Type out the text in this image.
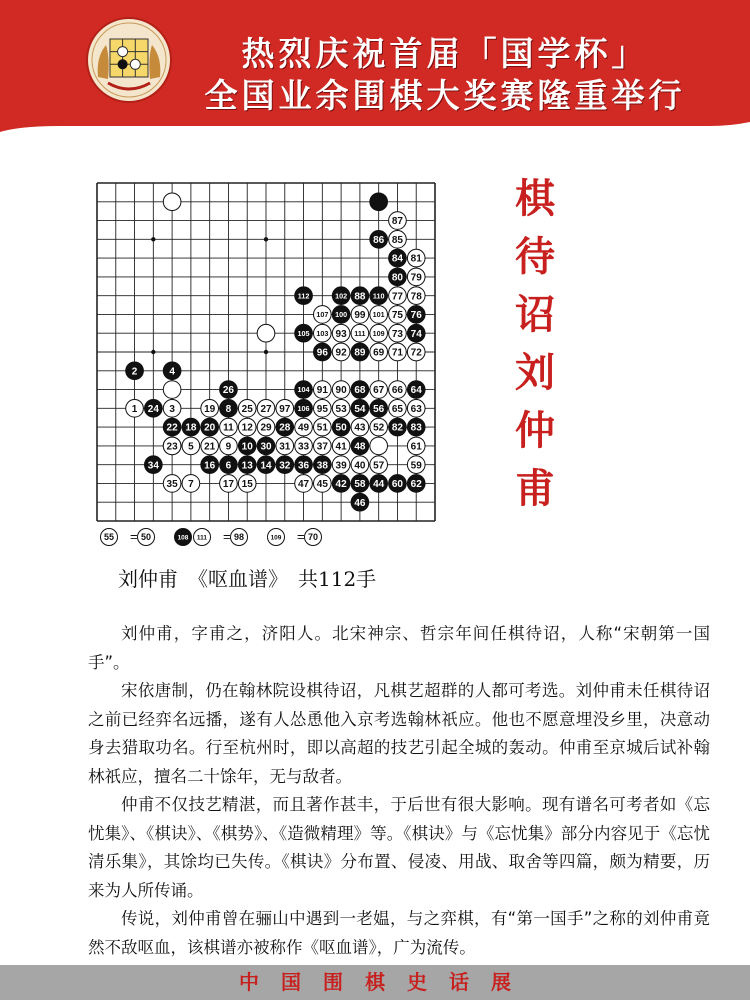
热烈庆祝首届「国学杯」
全国业余围棋大奖赛隆重举行
87
86 85
84 81
80 79
112	102 88 110 77 78
107 100 99 101 75 76
105 103 93 111 109 73 74
96 92 89 69 71 72
2	4
26	104 91 90 68 67 66 64
1 24 3	19 8 25 27 97 106 95 53 54 56 65 63
22 18 20 11 12 29 28 49 51 50 43 52 82 83
23 5 21 9 10 30 31 33 37 41 48	61
34	16 6 13 14 32 36 38 39 40 57	59
35 7	17 15	47 45 42 58 44 60 62
46
棋
待
诏
刘
仲
甫
55 = 50	108 111 = 98	109 = 70
刘仲甫 《呕血谱》 共112手

刘仲甫，字甫之，济阳人。北宋神宗、哲宗年间任棋待诏，人称“宋朝第一国手”。

宋依唐制，仍在翰林院设棋待诏，凡棋艺超群的人都可考选。刘仲甫未任棋待诏之前已经弈名远播，遂有人怂恿他入京考选翰林祇应。他也不愿意埋没乡里，决意动身去猎取功名。行至杭州时，即以高超的技艺引起全城的轰动。仲甫至京城后试补翰林祇应，擅名二十馀年，无与敌者。

仲甫不仅技艺精湛，而且著作甚丰，于后世有很大影响。现有谱名可考者如《忘忧集》、《棋诀》、《棋势》、《造微精理》等。《棋诀》与《忘忧集》部分内容见于《忘忧清乐集》，其馀均已失传。《棋诀》分布置、侵凌、用战、取舍等四篇，颇为精要，历来为人所传诵。

传说，刘仲甫曾在骊山中遇到一老媪，与之弈棋，有“第一国手”之称的刘仲甫竟然不敌呕血，该棋谱亦被称作《呕血谱》，广为流传。

中国围棋史话展
